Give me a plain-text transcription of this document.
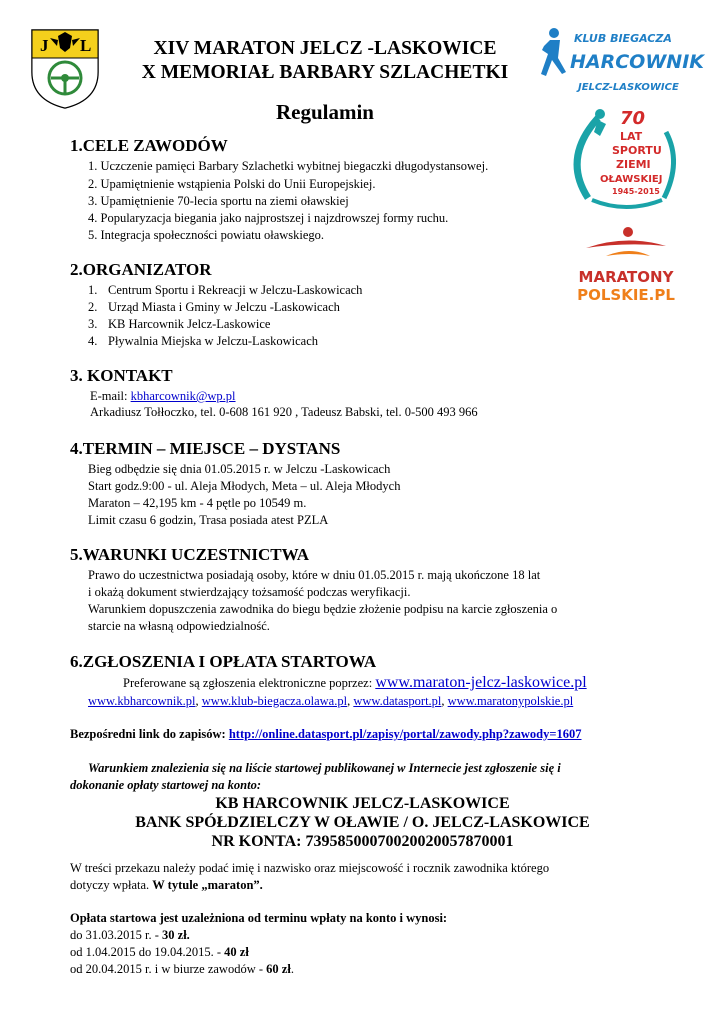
J L	KLUB BIEGACZA
HARCOWNIK
JELCZ-LASKOWICE
70
LAT
SPORTU
ZIEMI
OŁAWSKIEJ
1945-2015
MARATONY
POLSKIE.PL
XIV MARATON JELCZ -LASKOWICE
X MEMORIAŁ BARBARY SZLACHETKI
Regulamin
1.CELE ZAWODÓW
1. Uczczenie pamięci Barbary Szlachetki wybitnej biegaczki długodystansowej.
2. Upamiętnienie wstąpienia Polski do Unii Europejskiej.
3. Upamiętnienie 70-lecia sportu na ziemi oławskiej
4. Popularyzacja biegania jako najprostszej i najzdrowszej formy ruchu.
5. Integracja społeczności powiatu oławskiego.
2.ORGANIZATOR
1. Centrum Sportu i Rekreacji w Jelczu-Laskowicach
2. Urząd Miasta i Gminy w Jelczu -Laskowicach
3. KB Harcownik Jelcz-Laskowice
4. Pływalnia Miejska w Jelczu-Laskowicach
3. KONTAKT
E-mail: kbharcownik@wp.pl
Arkadiusz Tołłoczko, tel. 0-608 161 920 , Tadeusz Babski, tel. 0-500 493 966
4.TERMIN – MIEJSCE – DYSTANS
Bieg odbędzie się dnia 01.05.2015 r. w Jelczu -Laskowicach
Start godz.9:00 - ul. Aleja Młodych, Meta – ul. Aleja Młodych
Maraton – 42,195 km - 4 pętle po 10549 m.
Limit czasu 6 godzin, Trasa posiada atest PZLA
5.WARUNKI UCZESTNICTWA
Prawo do uczestnictwa posiadają osoby, które w dniu 01.05.2015 r. mają ukończone 18 lat
i okażą dokument stwierdzający tożsamość podczas weryfikacji.
Warunkiem dopuszczenia zawodnika do biegu będzie złożenie podpisu na karcie zgłoszenia o
starcie na własną odpowiedzialność.
6.ZGŁOSZENIA I OPŁATA STARTOWA
Preferowane są zgłoszenia elektroniczne poprzez: www.maraton-jelcz-laskowice.pl
www.kbharcownik.pl, www.klub-biegacza.olawa.pl, www.datasport.pl, www.maratonypolskie.pl
Bezpośredni link do zapisów: http://online.datasport.pl/zapisy/portal/zawody.php?zawody=1607
Warunkiem znalezienia się na liście startowej publikowanej w Internecie jest zgłoszenie się i
dokonanie opłaty startowej na konto:
KB HARCOWNIK JELCZ-LASKOWICE
BANK SPÓŁDZIELCZY W OŁAWIE / O. JELCZ-LASKOWICE
NR KONTA: 73958500070020020057870001
W treści przekazu należy podać imię i nazwisko oraz miejscowość i rocznik zawodnika którego
dotyczy wpłata. W tytule „maraton”.
Opłata startowa jest uzależniona od terminu wpłaty na konto i wynosi:
do 31.03.2015 r. - 30 zł.
od 1.04.2015 do 19.04.2015. - 40 zł
od 20.04.2015 r. i w biurze zawodów - 60 zł.
